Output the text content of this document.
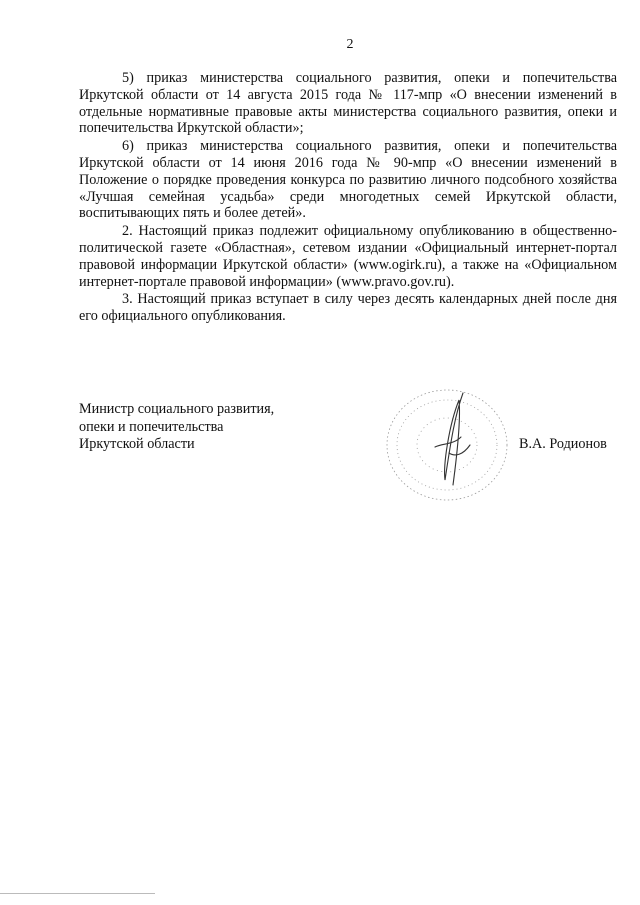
2

5) приказ министерства социального развития, опеки и попечительства Иркутской области от 14 августа 2015 года № 117-мпр «О внесении изменений в отдельные нормативные правовые акты министерства социального развития, опеки и попечительства Иркутской области»;

6) приказ министерства социального развития, опеки и попечительства Иркутской области от 14 июня 2016 года № 90-мпр «О внесении изменений в Положение о порядке проведения конкурса по развитию личного подсобного хозяйства «Лучшая семейная усадьба» среди многодетных семей Иркутской области, воспитывающих пять и более детей».

2. Настоящий приказ подлежит официальному опубликованию в общественно-политической газете «Областная», сетевом издании «Официальный интернет-портал правовой информации Иркутской области» (www.ogirk.ru), а также на «Официальном интернет-портале правовой информации» (www.pravo.gov.ru).

3. Настоящий приказ вступает в силу через десять календарных дней после дня его официального опубликования.

Министр социального развития,
опеки и попечительства
Иркутской области	В.А. Родионов
